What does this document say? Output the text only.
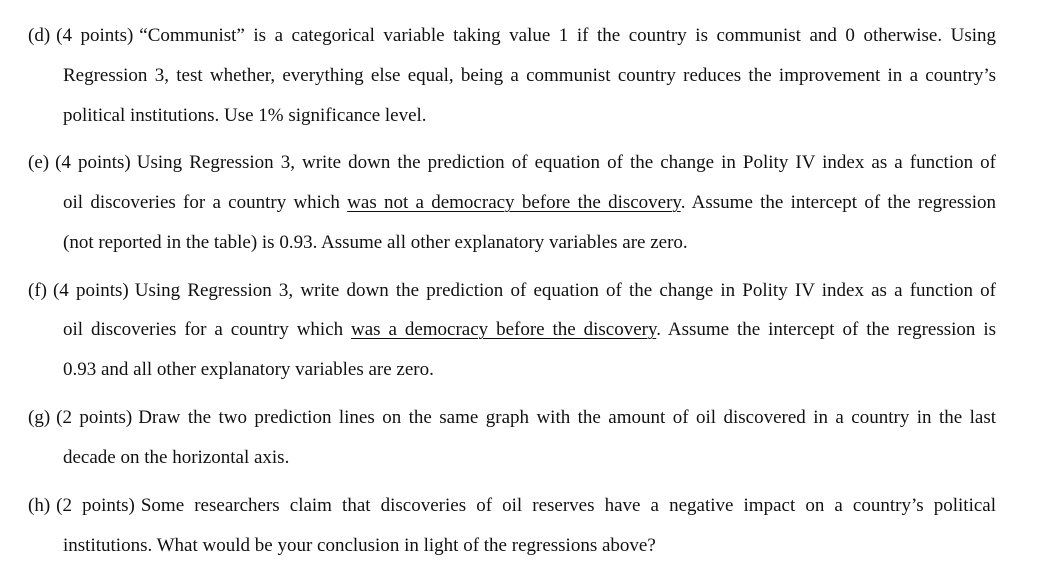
(d) (4 points) “Communist” is a categorical variable taking value 1 if the country is communist and 0 otherwise. Using
Regression 3, test whether, everything else equal, being a communist country reduces the improvement in a country’s
political institutions. Use 1% significance level.
(e) (4 points) Using Regression 3, write down the prediction of equation of the change in Polity IV index as a function of
oil discoveries for a country which was not a democracy before the discovery. Assume the intercept of the regression
(not reported in the table) is 0.93. Assume all other explanatory variables are zero.
(f) (4 points) Using Regression 3, write down the prediction of equation of the change in Polity IV index as a function of
oil discoveries for a country which was a democracy before the discovery. Assume the intercept of the regression is
0.93 and all other explanatory variables are zero.
(g) (2 points) Draw the two prediction lines on the same graph with the amount of oil discovered in a country in the last
decade on the horizontal axis.
(h) (2 points) Some researchers claim that discoveries of oil reserves have a negative impact on a country’s political
institutions. What would be your conclusion in light of the regressions above?
